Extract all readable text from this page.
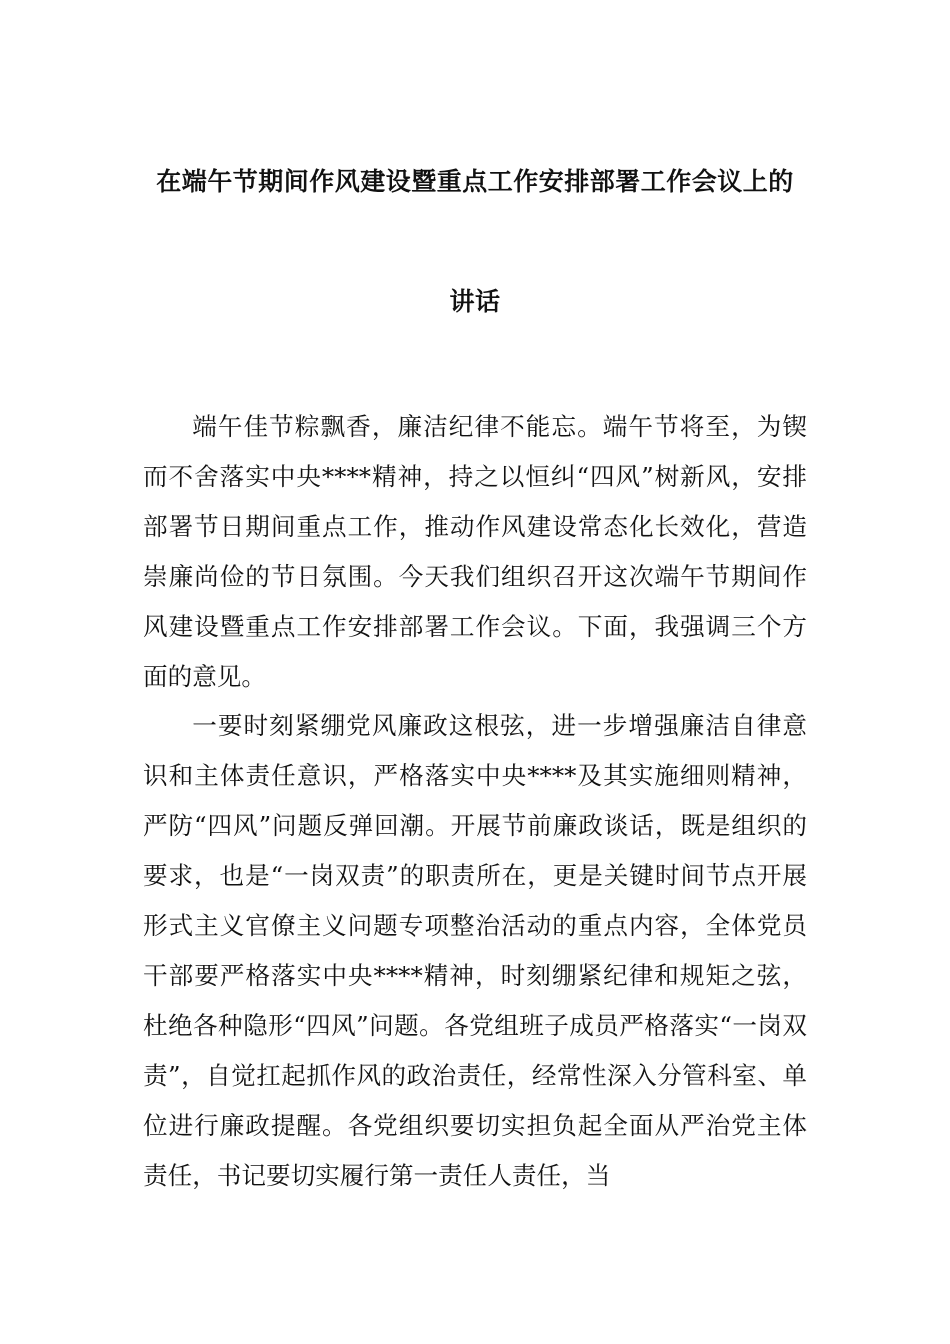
在端午节期间作风建设暨重点工作安排部署工作会议上的
讲话

端午佳节粽飘香，廉洁纪律不能忘。端午节将至，为锲而不舍落实中央****精神，持之以恒纠“四风”树新风，安排部署节日期间重点工作，推动作风建设常态化长效化，营造崇廉尚俭的节日氛围。今天我们组织召开这次端午节期间作风建设暨重点工作安排部署工作会议。下面，我强调三个方面的意见。

一要时刻紧绷党风廉政这根弦，进一步增强廉洁自律意识和主体责任意识，严格落实中央****及其实施细则精神，严防“四风”问题反弹回潮。开展节前廉政谈话，既是组织的要求，也是“一岗双责”的职责所在，更是关键时间节点开展形式主义官僚主义问题专项整治活动的重点内容，全体党员干部要严格落实中央****精神，时刻绷紧纪律和规矩之弦，杜绝各种隐形“四风”问题。各党组班子成员严格落实“一岗双责”，自觉扛起抓作风的政治责任，经常性深入分管科室、单位进行廉政提醒。各党组织要切实担负起全面从严治党主体责任，书记要切实履行第一责任人责任，当
